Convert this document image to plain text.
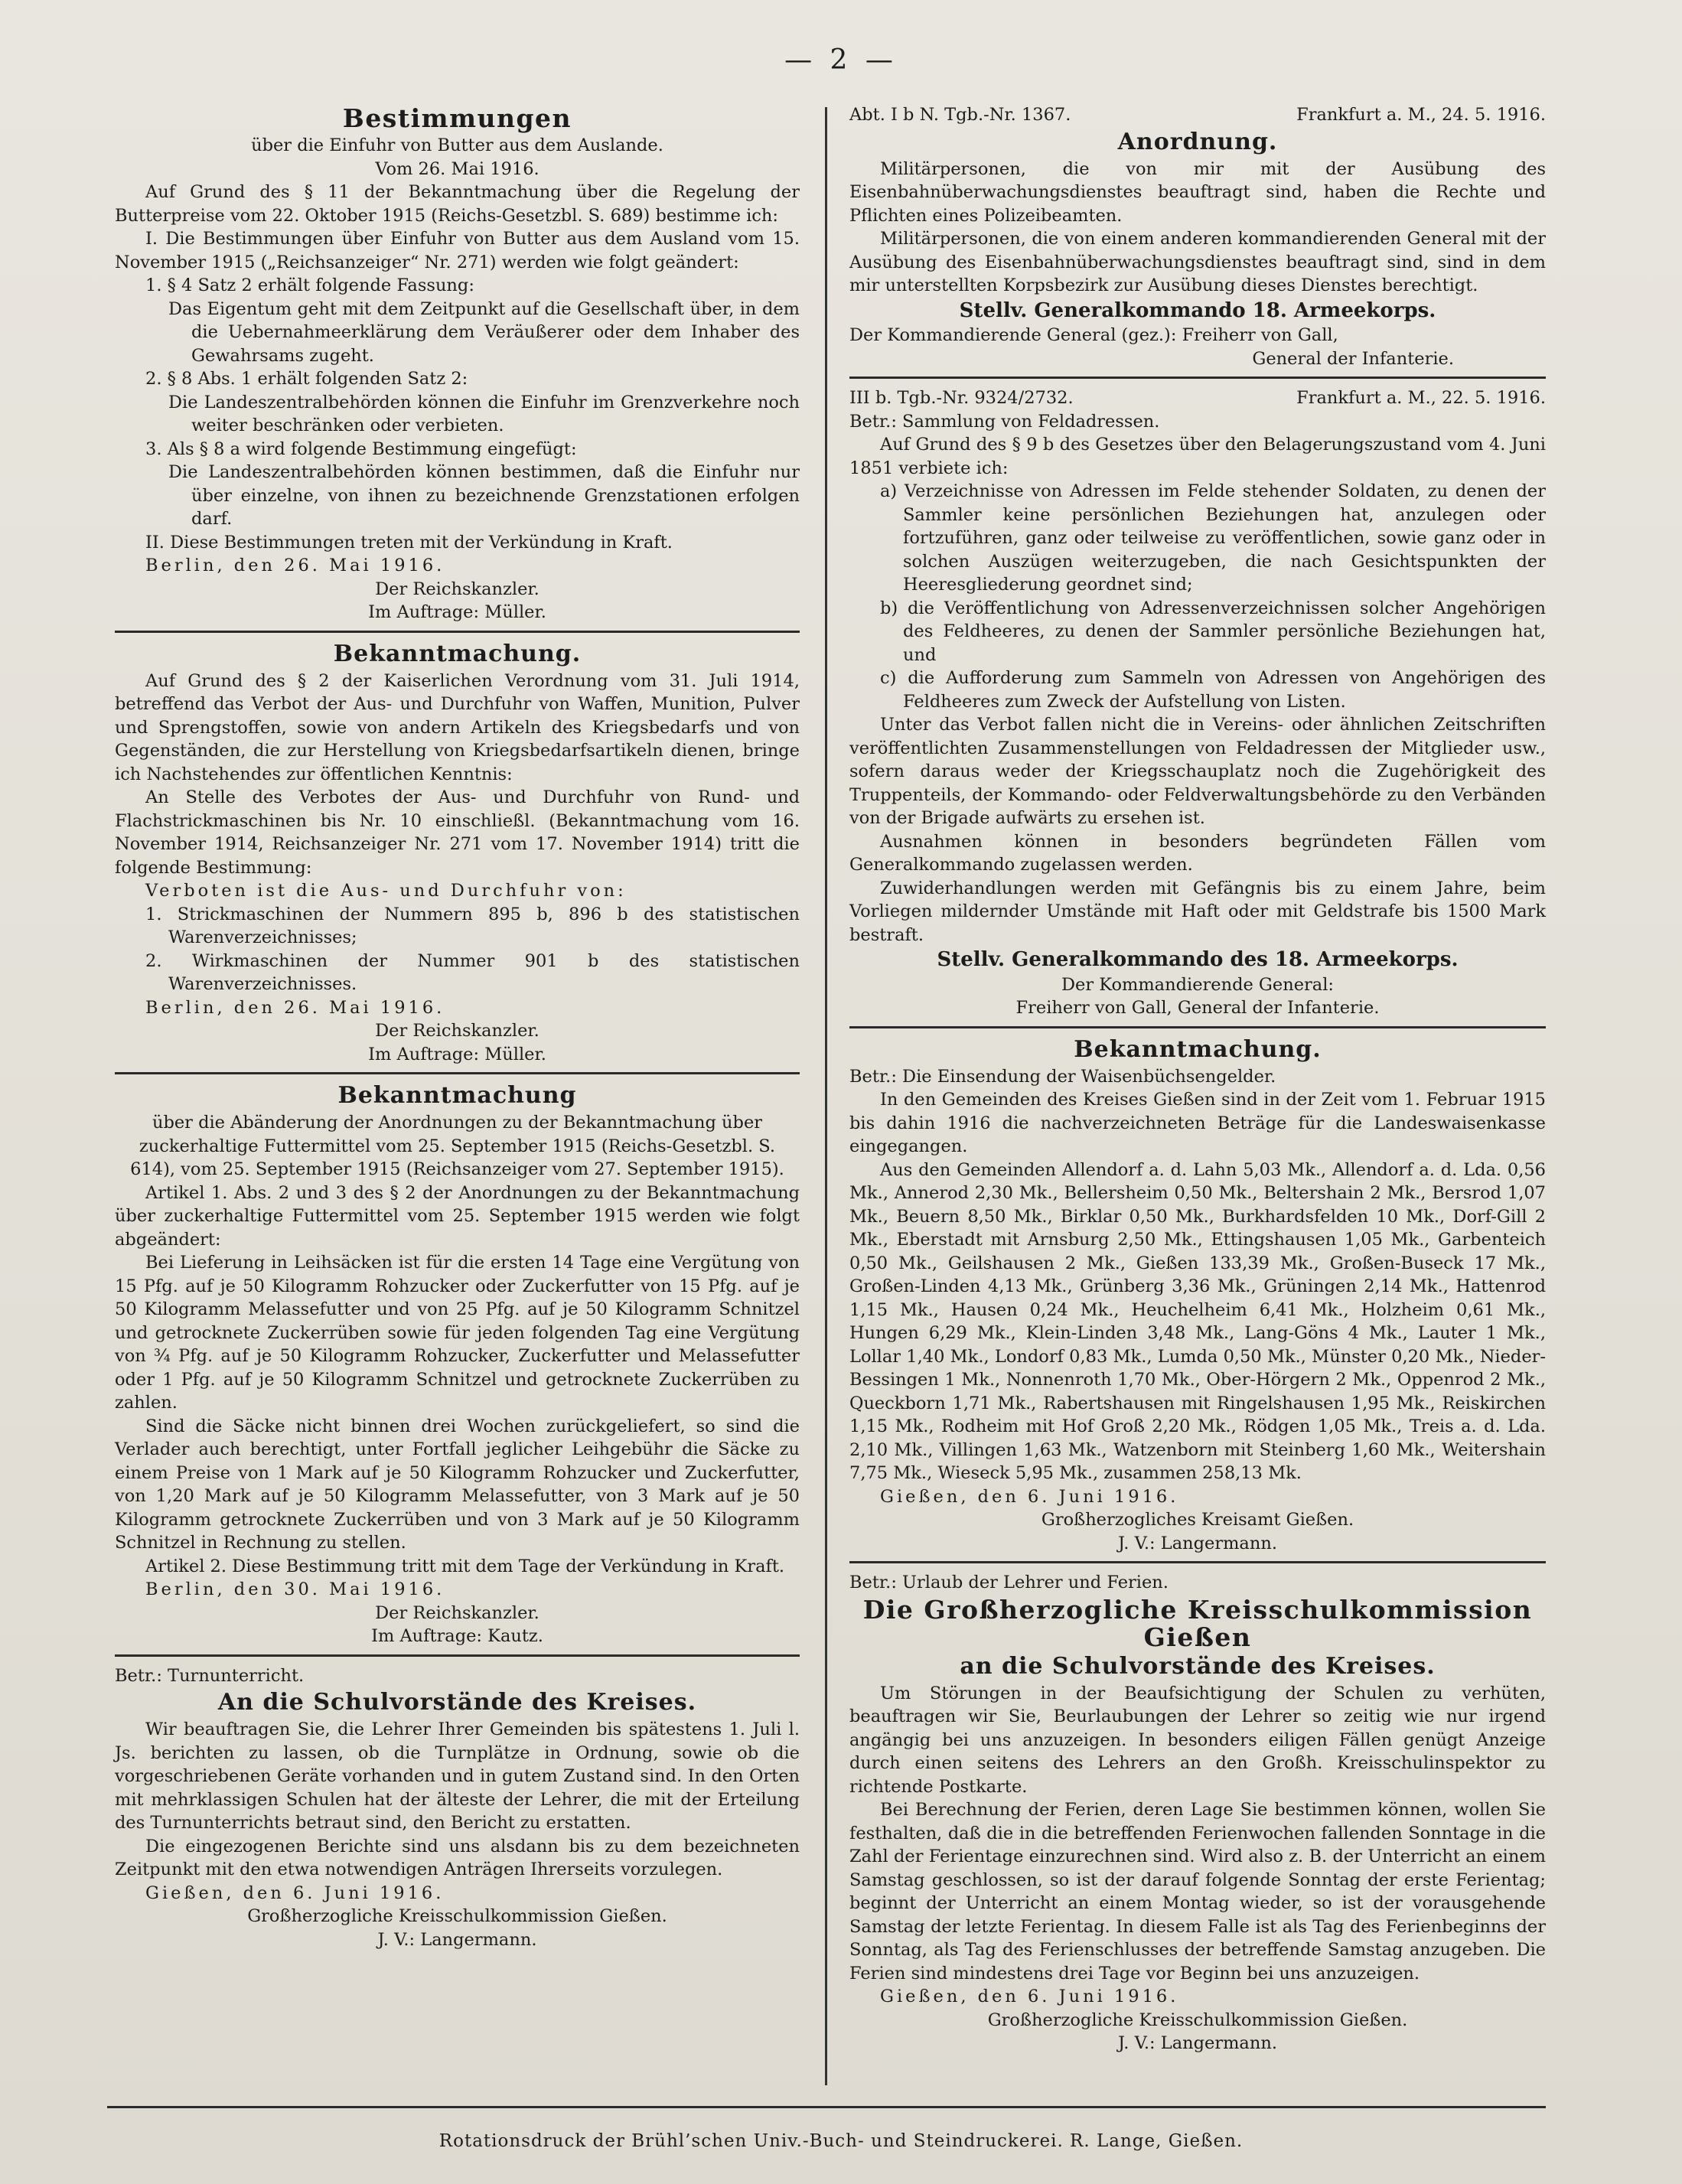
— 2 —
Bestimmungen

über die Einfuhr von Butter aus dem Auslande.

Vom 26. Mai 1916.

Auf Grund des § 11 der Bekanntmachung über die Regelung der Butterpreise vom 22. Oktober 1915 (Reichs-Gesetzbl. S. 689) bestimme ich:

I. Die Bestimmungen über Einfuhr von Butter aus dem Ausland vom 15. November 1915 („Reichsanzeiger“ Nr. 271) werden wie folgt geändert:

1. § 4 Satz 2 erhält folgende Fassung:

Das Eigentum geht mit dem Zeitpunkt auf die Gesellschaft über, in dem die Uebernahmeerklärung dem Veräußerer oder dem Inhaber des Gewahrsams zugeht.

2. § 8 Abs. 1 erhält folgenden Satz 2:

Die Landeszentralbehörden können die Einfuhr im Grenzverkehre noch weiter beschränken oder verbieten.

3. Als § 8 a wird folgende Bestimmung eingefügt:

Die Landeszentralbehörden können bestimmen, daß die Einfuhr nur über einzelne, von ihnen zu bezeichnende Grenzstationen erfolgen darf.

II. Diese Bestimmungen treten mit der Verkündung in Kraft.

Berlin, den 26. Mai 1916.

Der Reichskanzler.

Im Auftrage: Müller.

Bekanntmachung.

Auf Grund des § 2 der Kaiserlichen Verordnung vom 31. Juli 1914, betreffend das Verbot der Aus- und Durchfuhr von Waffen, Munition, Pulver und Sprengstoffen, sowie von andern Artikeln des Kriegsbedarfs und von Gegenständen, die zur Herstellung von Kriegsbedarfsartikeln dienen, bringe ich Nachstehendes zur öffentlichen Kenntnis:

An Stelle des Verbotes der Aus- und Durchfuhr von Rund- und Flachstrickmaschinen bis Nr. 10 einschließl. (Bekanntmachung vom 16. November 1914, Reichsanzeiger Nr. 271 vom 17. November 1914) tritt die folgende Bestimmung:

Verboten ist die Aus- und Durchfuhr von:

1. Strickmaschinen der Nummern 895 b, 896 b des statistischen Warenverzeichnisses;

2. Wirkmaschinen der Nummer 901 b des statistischen Warenverzeichnisses.

Berlin, den 26. Mai 1916.

Der Reichskanzler.

Im Auftrage: Müller.

Bekanntmachung

über die Abänderung der Anordnungen zu der Bekanntmachung über zuckerhaltige Futtermittel vom 25. September 1915 (Reichs-Gesetzbl. S. 614), vom 25. September 1915 (Reichsanzeiger vom 27. September 1915).

Artikel 1. Abs. 2 und 3 des § 2 der Anordnungen zu der Bekanntmachung über zuckerhaltige Futtermittel vom 25. September 1915 werden wie folgt abgeändert:

Bei Lieferung in Leihsäcken ist für die ersten 14 Tage eine Vergütung von 15 Pfg. auf je 50 Kilogramm Rohzucker oder Zuckerfutter von 15 Pfg. auf je 50 Kilogramm Melassefutter und von 25 Pfg. auf je 50 Kilogramm Schnitzel und getrocknete Zuckerrüben sowie für jeden folgenden Tag eine Vergütung von ¾ Pfg. auf je 50 Kilogramm Rohzucker, Zuckerfutter und Melassefutter oder 1 Pfg. auf je 50 Kilogramm Schnitzel und getrocknete Zuckerrüben zu zahlen.

Sind die Säcke nicht binnen drei Wochen zurückgeliefert, so sind die Verlader auch berechtigt, unter Fortfall jeglicher Leihgebühr die Säcke zu einem Preise von 1 Mark auf je 50 Kilogramm Rohzucker und Zuckerfutter, von 1,20 Mark auf je 50 Kilogramm Melassefutter, von 3 Mark auf je 50 Kilogramm getrocknete Zuckerrüben und von 3 Mark auf je 50 Kilogramm Schnitzel in Rechnung zu stellen.

Artikel 2. Diese Bestimmung tritt mit dem Tage der Verkündung in Kraft.

Berlin, den 30. Mai 1916.

Der Reichskanzler.

Im Auftrage: Kautz.

Betr.: Turnunterricht.

An die Schulvorstände des Kreises.

Wir beauftragen Sie, die Lehrer Ihrer Gemeinden bis spätestens 1. Juli l. Js. berichten zu lassen, ob die Turnplätze in Ordnung, sowie ob die vorgeschriebenen Geräte vorhanden und in gutem Zustand sind. In den Orten mit mehrklassigen Schulen hat der älteste der Lehrer, die mit der Erteilung des Turnunterrichts betraut sind, den Bericht zu erstatten.

Die eingezogenen Berichte sind uns alsdann bis zu dem bezeichneten Zeitpunkt mit den etwa notwendigen Anträgen Ihrerseits vorzulegen.

Gießen, den 6. Juni 1916.

Großherzogliche Kreisschulkommission Gießen.

J. V.: Langermann.

Abt. I b N. Tgb.-Nr. 1367.	Frankfurt a. M., 24. 5. 1916.
Anordnung.

Militärpersonen, die von mir mit der Ausübung des Eisenbahnüberwachungsdienstes beauftragt sind, haben die Rechte und Pflichten eines Polizeibeamten.

Militärpersonen, die von einem anderen kommandierenden General mit der Ausübung des Eisenbahnüberwachungsdienstes beauftragt sind, sind in dem mir unterstellten Korpsbezirk zur Ausübung dieses Dienstes berechtigt.

Stellv. Generalkommando 18. Armeekorps.

Der Kommandierende General (gez.): Freiherr von Gall,

General der Infanterie.

III b. Tgb.-Nr. 9324/2732.	Frankfurt a. M., 22. 5. 1916.

Betr.: Sammlung von Feldadressen.

Auf Grund des § 9 b des Gesetzes über den Belagerungszustand vom 4. Juni 1851 verbiete ich:

a) Verzeichnisse von Adressen im Felde stehender Soldaten, zu denen der Sammler keine persönlichen Beziehungen hat, anzulegen oder fortzuführen, ganz oder teilweise zu veröffentlichen, sowie ganz oder in solchen Auszügen weiterzugeben, die nach Gesichtspunkten der Heeresgliederung geordnet sind;

b) die Veröffentlichung von Adressenverzeichnissen solcher Angehörigen des Feldheeres, zu denen der Sammler persönliche Beziehungen hat, und

c) die Aufforderung zum Sammeln von Adressen von Angehörigen des Feldheeres zum Zweck der Aufstellung von Listen.

Unter das Verbot fallen nicht die in Vereins- oder ähnlichen Zeitschriften veröffentlichten Zusammenstellungen von Feldadressen der Mitglieder usw., sofern daraus weder der Kriegsschauplatz noch die Zugehörigkeit des Truppenteils, der Kommando- oder Feldverwaltungsbehörde zu den Verbänden von der Brigade aufwärts zu ersehen ist.

Ausnahmen können in besonders begründeten Fällen vom Generalkommando zugelassen werden.

Zuwiderhandlungen werden mit Gefängnis bis zu einem Jahre, beim Vorliegen mildernder Umstände mit Haft oder mit Geldstrafe bis 1500 Mark bestraft.

Stellv. Generalkommando des 18. Armeekorps.

Der Kommandierende General:

Freiherr von Gall, General der Infanterie.

Bekanntmachung.

Betr.: Die Einsendung der Waisenbüchsengelder.

In den Gemeinden des Kreises Gießen sind in der Zeit vom 1. Februar 1915 bis dahin 1916 die nachverzeichneten Beträge für die Landeswaisenkasse eingegangen.

Aus den Gemeinden Allendorf a. d. Lahn 5,03 Mk., Allendorf a. d. Lda. 0,56 Mk., Annerod 2,30 Mk., Bellersheim 0,50 Mk., Beltershain 2 Mk., Bersrod 1,07 Mk., Beuern 8,50 Mk., Birklar 0,50 Mk., Burkhardsfelden 10 Mk., Dorf-Gill 2 Mk., Eberstadt mit Arnsburg 2,50 Mk., Ettingshausen 1,05 Mk., Garbenteich 0,50 Mk., Geilshausen 2 Mk., Gießen 133,39 Mk., Großen-Buseck 17 Mk., Großen-Linden 4,13 Mk., Grünberg 3,36 Mk., Grüningen 2,14 Mk., Hattenrod 1,15 Mk., Hausen 0,24 Mk., Heuchelheim 6,41 Mk., Holzheim 0,61 Mk., Hungen 6,29 Mk., Klein-Linden 3,48 Mk., Lang-Göns 4 Mk., Lauter 1 Mk., Lollar 1,40 Mk., Londorf 0,83 Mk., Lumda 0,50 Mk., Münster 0,20 Mk., Nieder-Bessingen 1 Mk., Nonnenroth 1,70 Mk., Ober-Hörgern 2 Mk., Oppenrod 2 Mk., Queckborn 1,71 Mk., Rabertshausen mit Ringelshausen 1,95 Mk., Reiskirchen 1,15 Mk., Rodheim mit Hof Groß 2,20 Mk., Rödgen 1,05 Mk., Treis a. d. Lda. 2,10 Mk., Villingen 1,63 Mk., Watzenborn mit Steinberg 1,60 Mk., Weitershain 7,75 Mk., Wieseck 5,95 Mk., zusammen 258,13 Mk.

Gießen, den 6. Juni 1916.

Großherzogliches Kreisamt Gießen.

J. V.: Langermann.

Betr.: Urlaub der Lehrer und Ferien.

Die Großherzogliche Kreisschulkommission Gießen
an die Schulvorstände des Kreises.

Um Störungen in der Beaufsichtigung der Schulen zu verhüten, beauftragen wir Sie, Beurlaubungen der Lehrer so zeitig wie nur irgend angängig bei uns anzuzeigen. In besonders eiligen Fällen genügt Anzeige durch einen seitens des Lehrers an den Großh. Kreisschulinspektor zu richtende Postkarte.

Bei Berechnung der Ferien, deren Lage Sie bestimmen können, wollen Sie festhalten, daß die in die betreffenden Ferienwochen fallenden Sonntage in die Zahl der Ferientage einzurechnen sind. Wird also z. B. der Unterricht an einem Samstag geschlossen, so ist der darauf folgende Sonntag der erste Ferientag; beginnt der Unterricht an einem Montag wieder, so ist der vorausgehende Samstag der letzte Ferientag. In diesem Falle ist als Tag des Ferienbeginns der Sonntag, als Tag des Ferienschlusses der betreffende Samstag anzugeben. Die Ferien sind mindestens drei Tage vor Beginn bei uns anzuzeigen.

Gießen, den 6. Juni 1916.

Großherzogliche Kreisschulkommission Gießen.

J. V.: Langermann.

Rotationsdruck der Brühl’schen Univ.-Buch- und Steindruckerei. R. Lange, Gießen.
